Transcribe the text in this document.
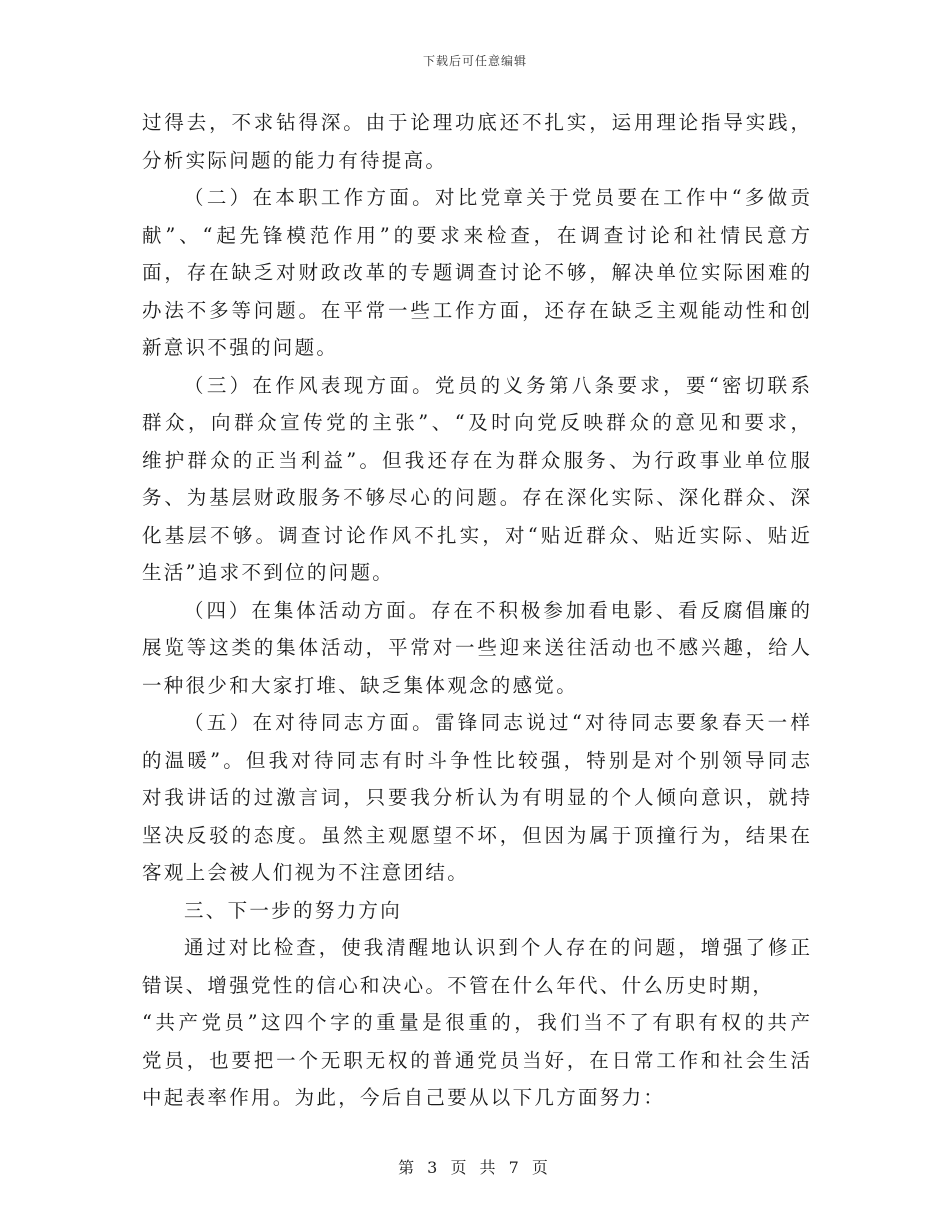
下载后可任意编辑
过得去，不求钻得深。由于论理功底还不扎实，运用理论指导实践，
分析实际问题的能力有待提高。
（二）在本职工作方面。对比党章关于党员要在工作中“多做贡
献”、“起先锋模范作用”的要求来检查，在调查讨论和社情民意方
面，存在缺乏对财政改革的专题调查讨论不够，解决单位实际困难的
办法不多等问题。在平常一些工作方面，还存在缺乏主观能动性和创
新意识不强的问题。
（三）在作风表现方面。党员的义务第八条要求，要“密切联系
群众，向群众宣传党的主张”、“及时向党反映群众的意见和要求，
维护群众的正当利益”。但我还存在为群众服务、为行政事业单位服
务、为基层财政服务不够尽心的问题。存在深化实际、深化群众、深
化基层不够。调查讨论作风不扎实，对“贴近群众、贴近实际、贴近
生活”追求不到位的问题。
（四）在集体活动方面。存在不积极参加看电影、看反腐倡廉的
展览等这类的集体活动，平常对一些迎来送往活动也不感兴趣，给人
一种很少和大家打堆、缺乏集体观念的感觉。
（五）在对待同志方面。雷锋同志说过“对待同志要象春天一样
的温暖”。但我对待同志有时斗争性比较强，特别是对个别领导同志
对我讲话的过激言词，只要我分析认为有明显的个人倾向意识，就持
坚决反驳的态度。虽然主观愿望不坏，但因为属于顶撞行为，结果在
客观上会被人们视为不注意团结。
三、下一步的努力方向
通过对比检查，使我清醒地认识到个人存在的问题，增强了修正
错误、增强党性的信心和决心。不管在什么年代、什么历史时期，
“共产党员”这四个字的重量是很重的，我们当不了有职有权的共产
党员，也要把一个无职无权的普通党员当好，在日常工作和社会生活
中起表率作用。为此，今后自己要从以下几方面努力：
第 3 页 共 7 页
